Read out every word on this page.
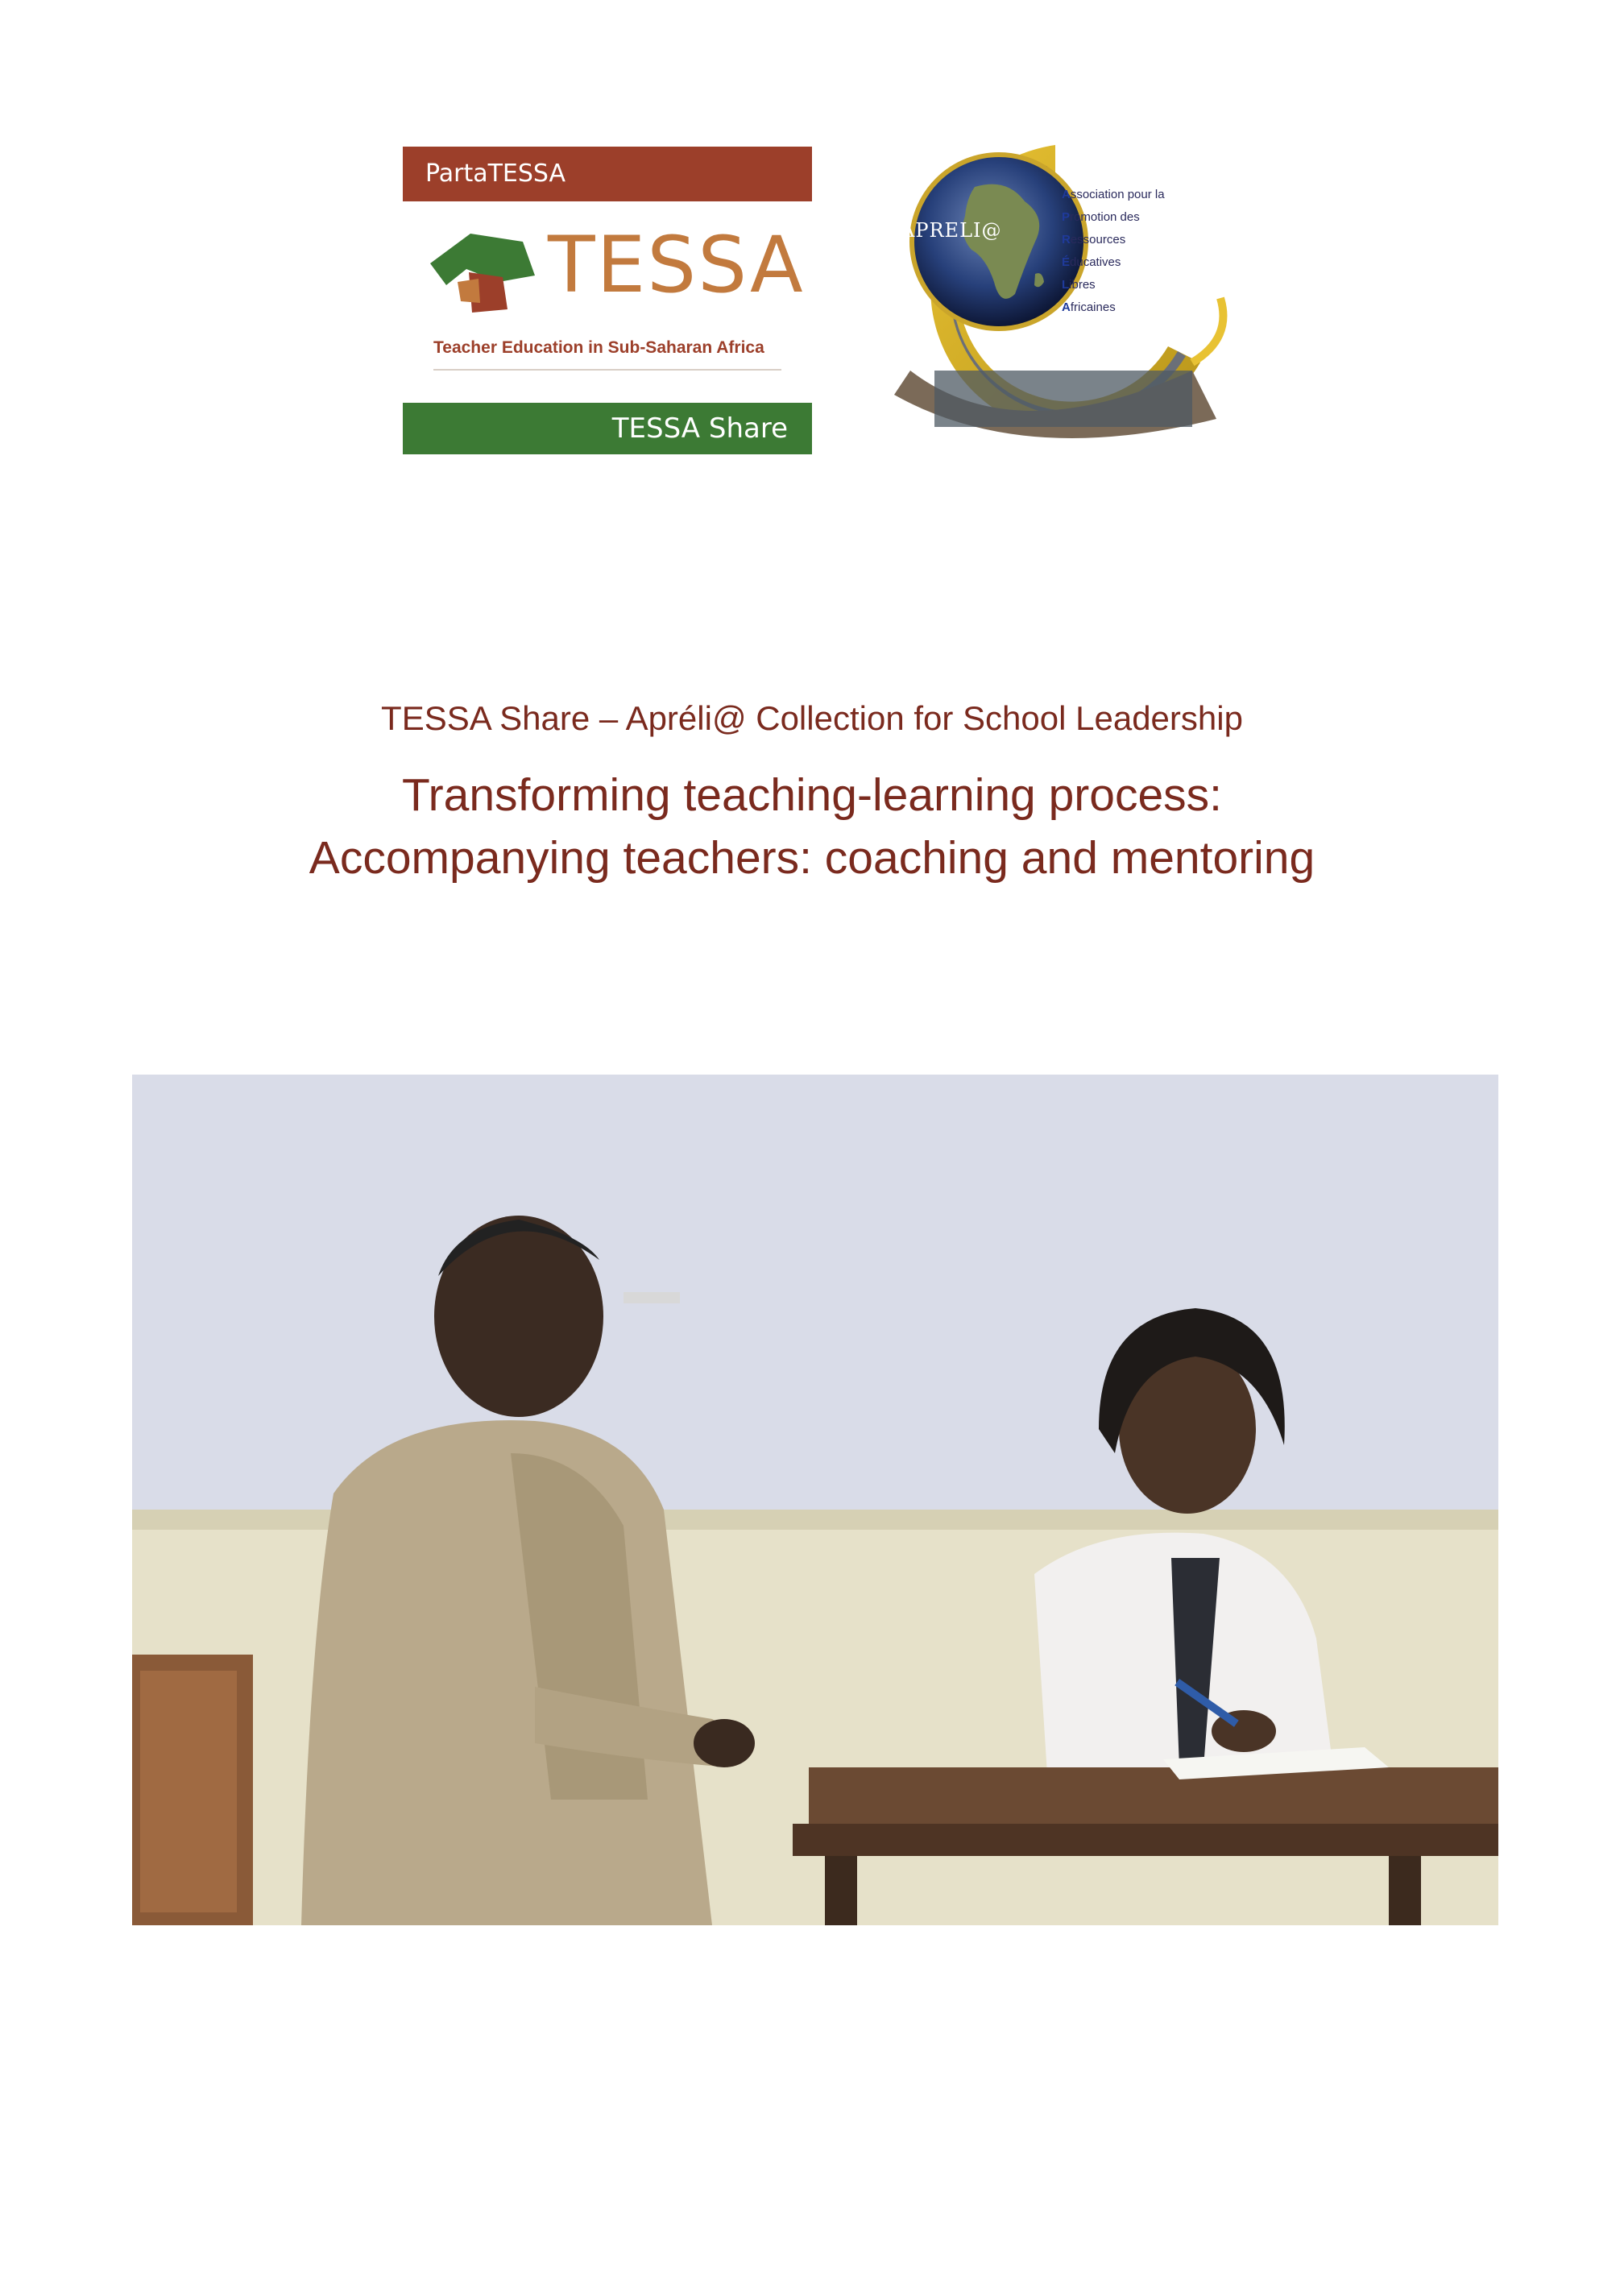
PartaTESSA
TESSA
Teacher Education in Sub-Saharan Africa
TESSA Share
APRELI@
Association pour la
Promotion des
Ressources
Éducatives
Libres
Africaines
TESSA Share – Apréli@ Collection for School Leadership
Transforming teaching-learning process:
Accompanying teachers: coaching and mentoring
